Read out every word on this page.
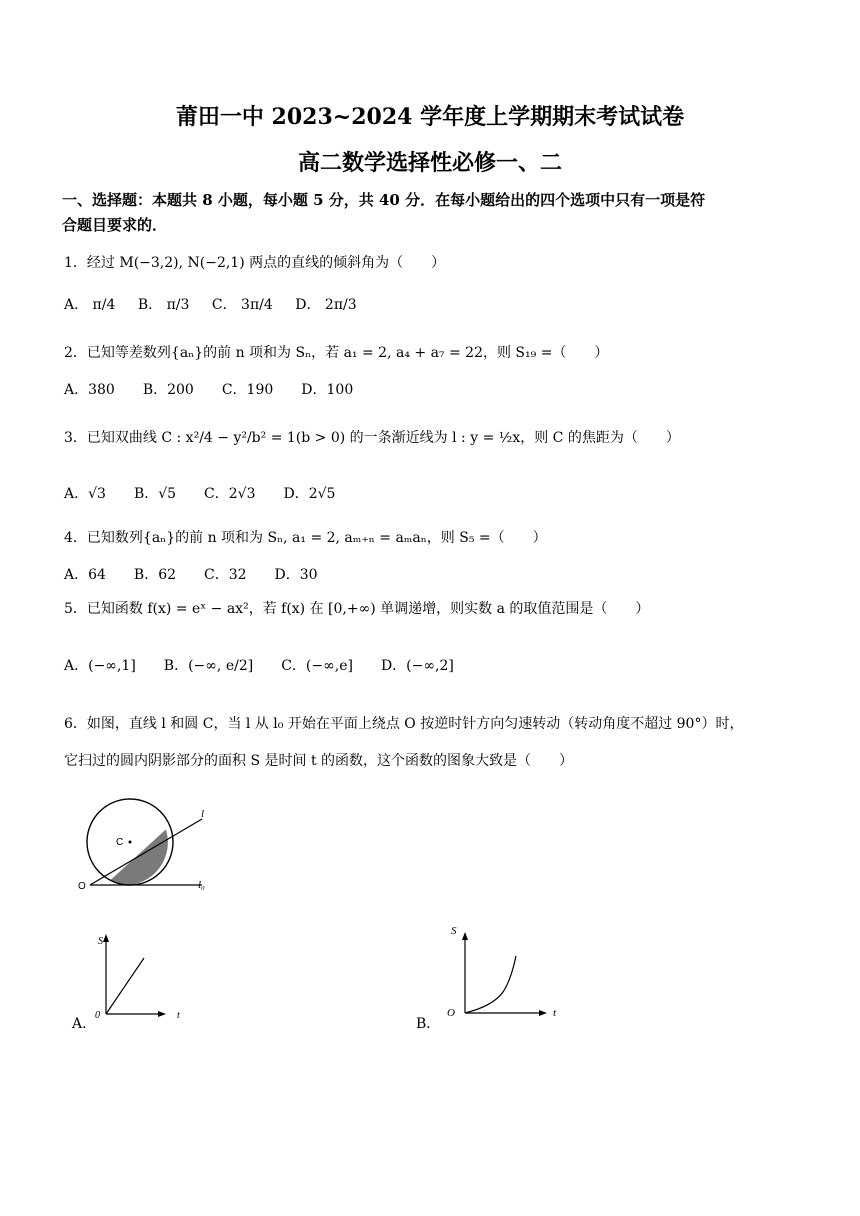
莆田一中 2023~2024 学年度上学期期末考试试卷
高二数学选择性必修一、二
一、选择题：本题共 8 小题，每小题 5 分，共 40 分．在每小题给出的四个选项中只有一项是符
合题目要求的．
1．经过 M(−3,2), N(−2,1) 两点的直线的倾斜角为（　　）
A． π/4 B． π/3 C． 3π/4 D． 2π/3
2．已知等差数列{aₙ}的前 n 项和为 Sₙ，若 a₁ = 2, a₄ + a₇ = 22，则 S₁₉ =（　　）
A．380　　B．200　　C．190　　D．100
3．已知双曲线 C : x²/4 − y²/b² = 1(b > 0) 的一条渐近线为 l : y = ½x，则 C 的焦距为（　　）
A．√3　　B．√5　　C．2√3　　D．2√5
4．已知数列{aₙ}的前 n 项和为 Sₙ, a₁ = 2, aₘ₊ₙ = aₘaₙ，则 S₅ =（　　）
A．64　　B．62　　C．32　　D．30
5．已知函数 f(x) = eˣ − ax²，若 f(x) 在 [0,+∞) 单调递增，则实数 a 的取值范围是（　　）
A．(−∞,1]　　B．(−∞, e/2]　　C．(−∞,e]　　D．(−∞,2]
6．如图，直线 l 和圆 C，当 l 从 l₀ 开始在平面上绕点 O 按逆时针方向匀速转动（转动角度不超过 90°）时，
它扫过的圆内阴影部分的面积 S 是时间 t 的函数，这个函数的图象大致是（　　）
C
l
l₀
O
S
t
0
A．
S
t
O
B．
